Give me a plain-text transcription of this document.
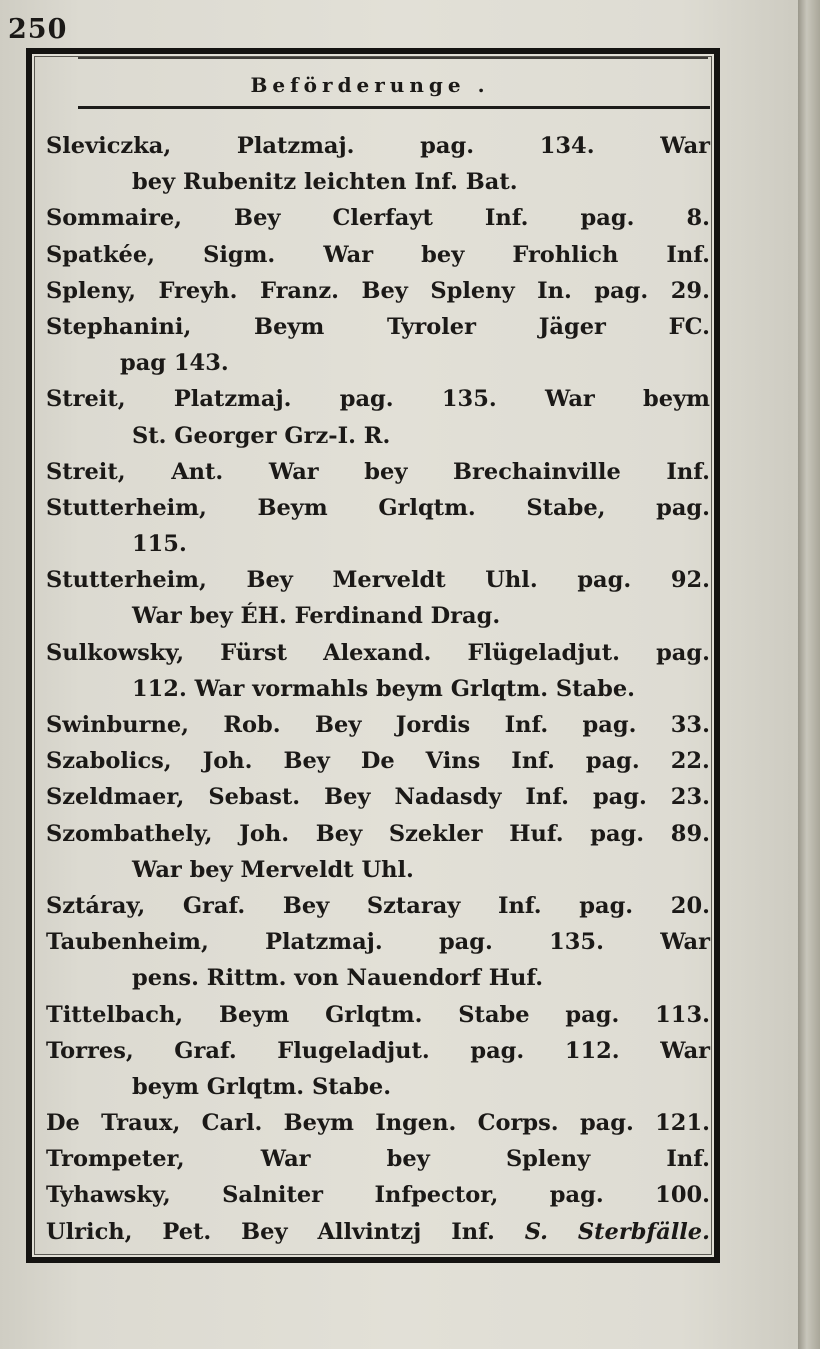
250
Beförderunge .
Sleviczka,	Platzmaj.	pag.	134.	War
bey Rubenitz leichten Inf. Bat.
Sommaire, Bey Clerfayt Inf. pag. 8.
Spatkée, Sigm. War bey Frohlich Inf.
Spleny, Freyh. Franz. Bey Spleny In. pag. 29.
Stephanini,	Beym	Tyroler	Jäger	FC.
pag 143.
Streit, Platzmaj. pag. 135. War beym
St. Georger Grz-I. R.
Streit, Ant. War bey Brechainville Inf.
Stutterheim, Beym Grlqtm. Stabe, pag.
115.
Stutterheim, Bey Merveldt Uhl. pag. 92.
War bey ÉH. Ferdinand Drag.
Sulkowsky, Fürst Alexand. Flügeladjut. pag.
112. War vormahls beym Grlqtm. Stabe.
Swinburne, Rob. Bey Jordis Inf. pag. 33.
Szabolics, Joh. Bey De Vins Inf. pag. 22.
Szeldmaer, Sebast. Bey Nadasdy Inf. pag. 23.
Szombathely, Joh. Bey Szekler Huf. pag. 89.
War bey Merveldt Uhl.
Sztáray, Graf. Bey Sztaray Inf. pag. 20.
Taubenheim,	Platzmaj.	pag.	135.	War
pens. Rittm. von Nauendorf Huf.
Tittelbach, Beym Grlqtm. Stabe pag. 113.
Torres, Graf. Flugeladjut. pag. 112. War
beym Grlqtm. Stabe.
De Traux, Carl. Beym Ingen. Corps. pag. 121.
Trompeter,	War	bey	Spleny	Inf.
Tyhawsky, Salniter Infpector, pag. 100.
Ulrich, Pet. Bey Allvintzj Inf. S. Sterbfälle.
